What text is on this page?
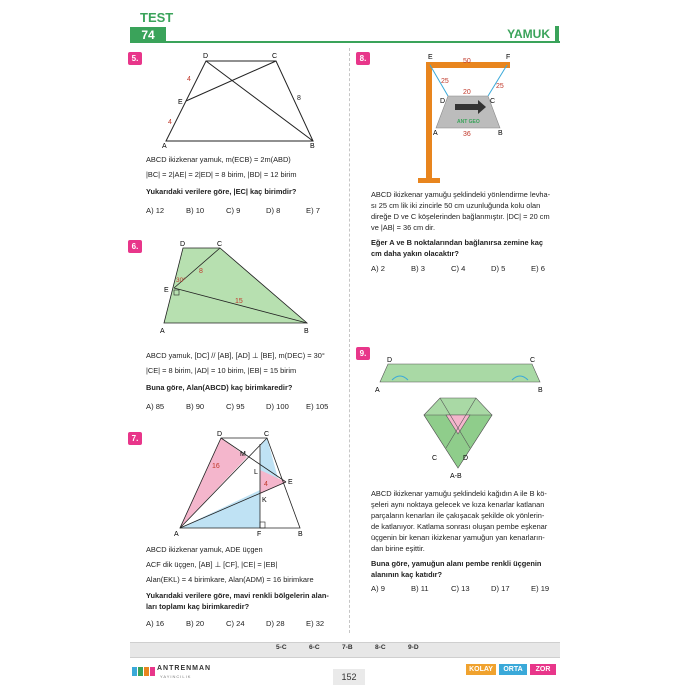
TEST
74	YAMUK
5.	D	C
E
A	B
4
4
8
ABCD ikizkenar yamuk, m(ECB) = 2m(ABD)
|BC| = 2|AE| = 2|ED| = 8 birim, |BD| = 12 birim
Yukarıdaki verilere göre, |EC| kaç birimdir?
A) 12	B) 10	C) 9	D) 8	E) 7
6.	D	C
E
A	B
30°
8
15
ABCD yamuk, [DC] // [AB], [AD] ⊥ [BE], m(DEC) = 30°
|CE| = 8 birim, |AD| = 10 birim, |EB| = 15 birim
Buna göre, Alan(ABCD) kaç birimkaredir?
A) 85	B) 90	C) 95	D) 100 E) 105
7.	D	C
M
L
E
K
A	F	B
16
4
ABCD ikizkenar yamuk, ADE üçgen
ACF dik üçgen, [AB] ⊥ [CF], |CE| = |EB|
Alan(EKL) = 4 birimkare, Alan(ADM) = 16 birimkare
Yukarıdaki verilere göre, mavi renkli bölgelerin alan-
ları toplamı kaç birimkaredir?
A) 16	B) 20	C) 24	D) 28	E) 32
8.
ANT GEO
E	F
D	C
A	B
50
25
25
20
36
ABCD ikizkenar yamuğu şeklindeki yönlendirme levha-
sı 25 cm lik iki zincirle 50 cm uzunluğunda kolu olan
direğe D ve C köşelerinden bağlanmıştır. |DC| = 20 cm
ve |AB| = 36 cm dir.
Eğer A ve B noktalarından bağlanırsa zemine kaç
cm daha yakın olacaktır?
A) 2	B) 3	C) 4	D) 5	E) 6
9.
D	C
A	B
C	D
A-B
ABCD ikizkenar yamuğu şeklindeki kağıdın A ile B kö-
şeleri aynı noktaya gelecek ve kıza kenarlar katlanan
parçaların kenarları ile çakışacak şekilde ok yönlerin-
de katlanıyor. Katlama sonrası oluşan pembe eşkenar
üçgenin bir kenarı ikizkenar yamuğun yan kenarların-
dan birine eşittir.
Buna göre, yamuğun alanı pembe renkli üçgenin
alanının kaç katıdır?
A) 9	B) 11	C) 13	D) 17	E) 19
5-C	6-C	7-B	8-C	9-D
ANTRENMAN
YAYINCILIK	152
KOLAY	ORTA	ZOR
